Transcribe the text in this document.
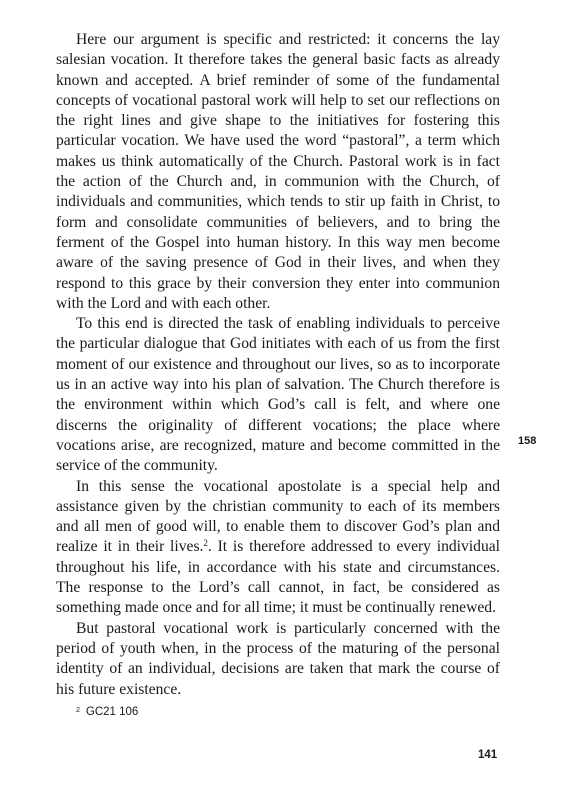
Here our argument is specific and restricted: it concerns the lay salesian vocation. It therefore takes the general basic facts as already known and accepted. A brief reminder of some of the fundamental concepts of vocational pastoral work will help to set our reflections on the right lines and give shape to the initiatives for fostering this particular vocation. We have used the word “pastoral”, a term which makes us think automatically of the Church. Pastoral work is in fact the action of the Church and, in communion with the Church, of individuals and communities, which tends to stir up faith in Christ, to form and consolidate communities of believers, and to bring the ferment of the Gospel into human history. In this way men become aware of the saving presence of God in their lives, and when they respond to this grace by their conversion they enter into communion with the Lord and with each other.

To this end is directed the task of enabling individuals to perceive the particular dialogue that God initiates with each of us from the first moment of our existence and throughout our lives, so as to incorporate us in an active way into his plan of salvation. The Church therefore is the environment within which God’s call is felt, and where one discerns the originality of different vocations; the place where vocations arise, are recognized, mature and become committed in the service of the community.

In this sense the vocational apostolate is a special help and assistance given by the christian community to each of its members and all men of good will, to enable them to discover God’s plan and realize it in their lives.$^2$. It is therefore addressed to every individual throughout his life, in accordance with his state and circumstances. The response to the Lord’s call cannot, in fact, be considered as something made once and for all time; it must be continually renewed.

But pastoral vocational work is particularly concerned with the period of youth when, in the process of the maturing of the personal identity of an individual, decisions are taken that mark the course of his future existence.

158
$^2$ GC21 106
141
